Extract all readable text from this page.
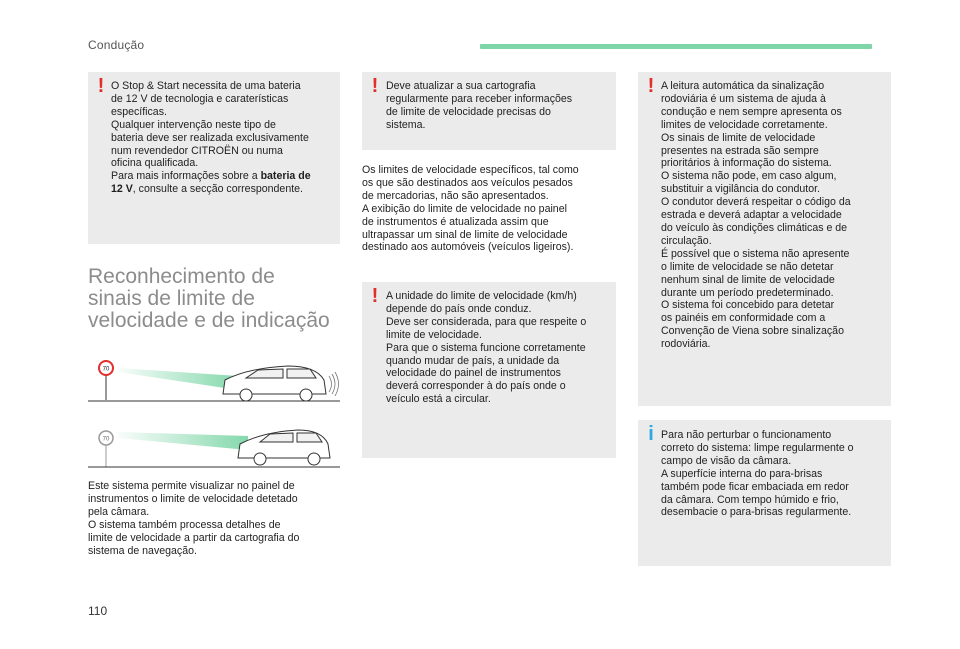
Condução
! O Stop & Start necessita de uma bateria

de 12 V de tecnologia e caraterísticas

específicas.

Qualquer intervenção neste tipo de

bateria deve ser realizada exclusivamente

num revendedor CITROËN ou numa

oficina qualificada.

Para mais informações sobre a bateria de

12 V, consulte a secção correspondente.

Reconhecimento de
sinais de limite de
velocidade e de indicação
70
70

Este sistema permite visualizar no painel de

instrumentos o limite de velocidade detetado

pela câmara.

O sistema também processa detalhes de

limite de velocidade a partir da cartografia do

sistema de navegação.

! Deve atualizar a sua cartografia

regularmente para receber informações

de limite de velocidade precisas do

sistema.

Os limites de velocidade específicos, tal como

os que são destinados aos veículos pesados

de mercadorias, não são apresentados.

A exibição do limite de velocidade no painel

de instrumentos é atualizada assim que

ultrapassar um sinal de limite de velocidade

destinado aos automóveis (veículos ligeiros).

! A unidade do limite de velocidade (km/h)

depende do país onde conduz.

Deve ser considerada, para que respeite o

limite de velocidade.

Para que o sistema funcione corretamente

quando mudar de país, a unidade da

velocidade do painel de instrumentos

deverá corresponder à do país onde o

veículo está a circular.

! A leitura automática da sinalização

rodoviária é um sistema de ajuda à

condução e nem sempre apresenta os

limites de velocidade corretamente.

Os sinais de limite de velocidade

presentes na estrada são sempre

prioritários à informação do sistema.

O sistema não pode, em caso algum,

substituir a vigilância do condutor.

O condutor deverá respeitar o código da

estrada e deverá adaptar a velocidade

do veículo às condições climáticas e de

circulação.

É possível que o sistema não apresente

o limite de velocidade se não detetar

nenhum sinal de limite de velocidade

durante um período predeterminado.

O sistema foi concebido para detetar

os painéis em conformidade com a

Convenção de Viena sobre sinalização

rodoviária.

i Para não perturbar o funcionamento

correto do sistema: limpe regularmente o

campo de visão da câmara.

A superfície interna do para-brisas

também pode ficar embaciada em redor

da câmara. Com tempo húmido e frio,

desembacie o para-brisas regularmente.

110
